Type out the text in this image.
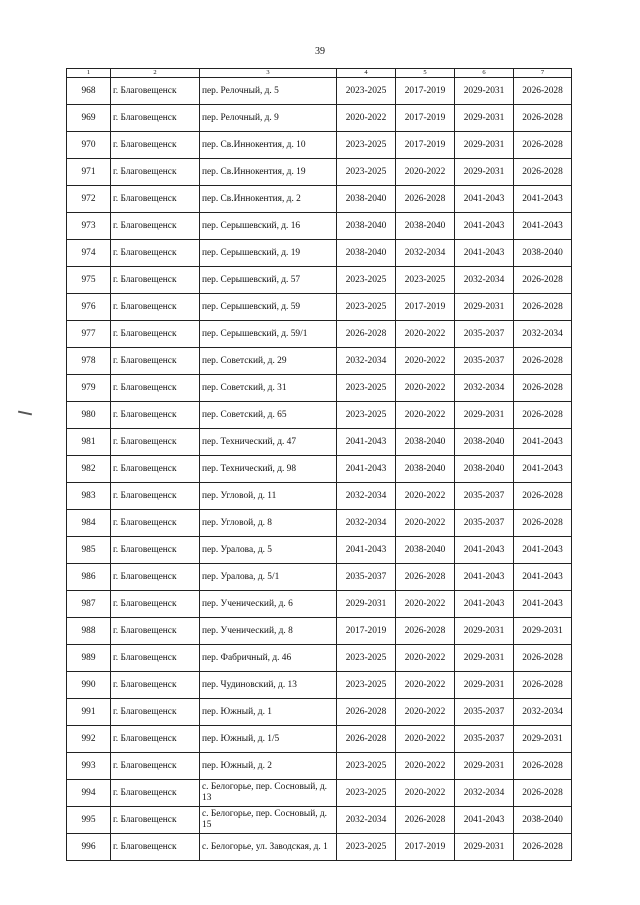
39
1	2	3	4	5	6	7
968	г. Благовещенск	пер. Релочный, д. 5	2023-2025	2017-2019	2029-2031	2026-2028
969	г. Благовещенск	пер. Релочный, д. 9	2020-2022	2017-2019	2029-2031	2026-2028
970	г. Благовещенск	пер. Св.Иннокентия, д. 10	2023-2025	2017-2019	2029-2031	2026-2028
971	г. Благовещенск	пер. Св.Иннокентия, д. 19	2023-2025	2020-2022	2029-2031	2026-2028
972	г. Благовещенск	пер. Св.Иннокентия, д. 2	2038-2040	2026-2028	2041-2043	2041-2043
973	г. Благовещенск	пер. Серышевский, д. 16	2038-2040	2038-2040	2041-2043	2041-2043
974	г. Благовещенск	пер. Серышевский, д. 19	2038-2040	2032-2034	2041-2043	2038-2040
975	г. Благовещенск	пер. Серышевский, д. 57	2023-2025	2023-2025	2032-2034	2026-2028
976	г. Благовещенск	пер. Серышевский, д. 59	2023-2025	2017-2019	2029-2031	2026-2028
977	г. Благовещенск	пер. Серышевский, д. 59/1	2026-2028	2020-2022	2035-2037	2032-2034
978	г. Благовещенск	пер. Советский, д. 29	2032-2034	2020-2022	2035-2037	2026-2028
979	г. Благовещенск	пер. Советский, д. 31	2023-2025	2020-2022	2032-2034	2026-2028
980	г. Благовещенск	пер. Советский, д. 65	2023-2025	2020-2022	2029-2031	2026-2028
981	г. Благовещенск	пер. Технический, д. 47	2041-2043	2038-2040	2038-2040	2041-2043
982	г. Благовещенск	пер. Технический, д. 98	2041-2043	2038-2040	2038-2040	2041-2043
983	г. Благовещенск	пер. Угловой, д. 11	2032-2034	2020-2022	2035-2037	2026-2028
984	г. Благовещенск	пер. Угловой, д. 8	2032-2034	2020-2022	2035-2037	2026-2028
985	г. Благовещенск	пер. Уралова, д. 5	2041-2043	2038-2040	2041-2043	2041-2043
986	г. Благовещенск	пер. Уралова, д. 5/1	2035-2037	2026-2028	2041-2043	2041-2043
987	г. Благовещенск	пер. Ученический, д. 6	2029-2031	2020-2022	2041-2043	2041-2043
988	г. Благовещенск	пер. Ученический, д. 8	2017-2019	2026-2028	2029-2031	2029-2031
989	г. Благовещенск	пер. Фабричный, д. 46	2023-2025	2020-2022	2029-2031	2026-2028
990	г. Благовещенск	пер. Чудиновский, д. 13	2023-2025	2020-2022	2029-2031	2026-2028
991	г. Благовещенск	пер. Южный, д. 1	2026-2028	2020-2022	2035-2037	2032-2034
992	г. Благовещенск	пер. Южный, д. 1/5	2026-2028	2020-2022	2035-2037	2029-2031
993	г. Благовещенск	пер. Южный, д. 2	2023-2025	2020-2022	2029-2031	2026-2028
994	г. Благовещенск	с. Белогорье, пер. Сосновый, д. 13	2023-2025	2020-2022	2032-2034	2026-2028
995	г. Благовещенск	с. Белогорье, пер. Сосновый, д. 15	2032-2034	2026-2028	2041-2043	2038-2040
996	г. Благовещенск	с. Белогорье, ул. Заводская, д. 1	2023-2025	2017-2019	2029-2031	2026-2028
